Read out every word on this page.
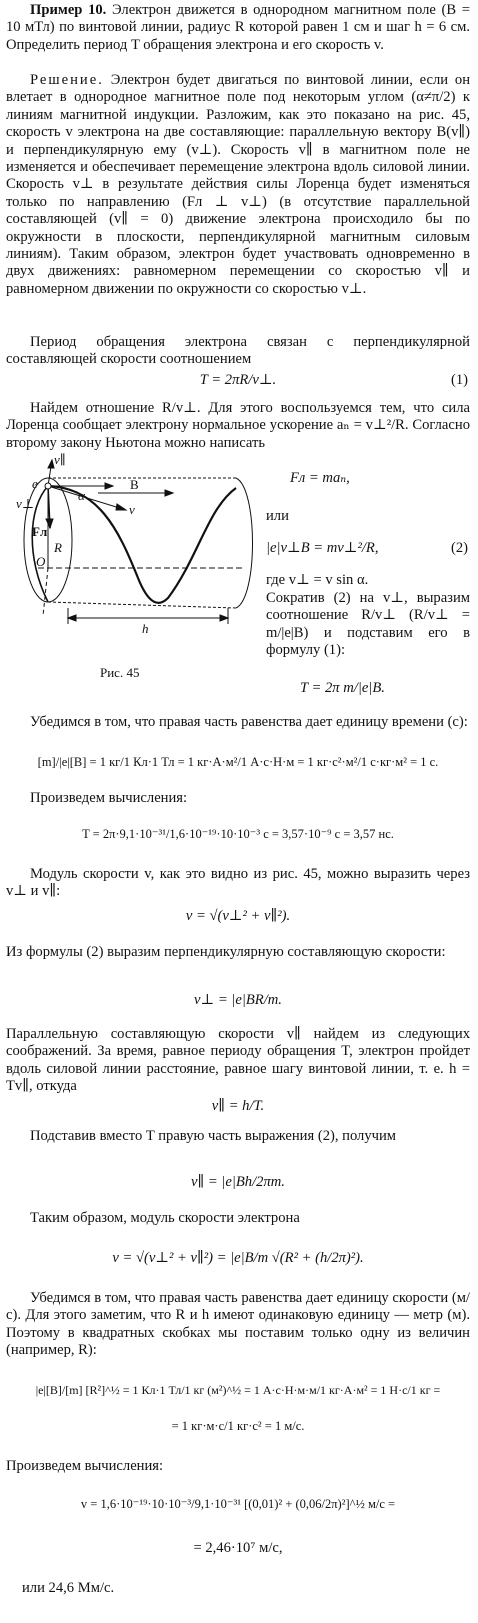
Пример 10. Электрон движется в однородном магнитном поле (B = 10 мТл) по винтовой линии, радиус R которой равен 1 см и шаг h = 6 см. Определить период T обращения электрона и его скорость v.
Решение. Электрон будет двигаться по винтовой линии, если он влетает в однородное магнитное поле под некоторым углом (α≠π/2) к линиям магнитной индукции. Разложим, как это показано на рис. 45, скорость v электрона на две составляющие: параллельную вектору B(v∥) и перпендикулярную ему (v⊥). Скорость v∥ в магнитном поле не изменяется и обеспечивает перемещение электрона вдоль силовой линии. Скорость v⊥ в результате действия силы Лоренца будет изменяться только по направлению (Fл ⊥ v⊥) (в отсутствие параллельной составляющей (v∥ = 0) движение электрона происходило бы по окружности в плоскости, перпендикулярной магнитным силовым линиям). Таким образом, электрон будет участвовать одновременно в двух движениях: равномерном перемещении со скоростью v∥ и равномерном движении по окружности со скоростью v⊥.
Период обращения электрона связан с перпендикулярной составляющей скорости соотношением
T = 2πR/v⊥.	(1)
Найдем отношение R/v⊥. Для этого воспользуемся тем, что сила Лоренца сообщает электрону нормальное ускорение aₙ = v⊥²/R. Согласно второму закону Ньютона можно написать
B
v∥
v⊥	v
α
e
Fл
O
R
h
Рис. 45
Fл = maₙ,
или
|e|v⊥B = mv⊥²/R,	(2)
где v⊥ = v sin α.
Сократив (2) на v⊥, выразим соотношение R/v⊥ (R/v⊥ = m/|e|B) и подставим его в формулу (1):
T = 2π m/|e|B.
Убедимся в том, что правая часть равенства дает единицу времени (с):
[m]/|e|[B] = 1 кг/1 Кл·1 Тл = 1 кг·А·м²/1 А·с·Н·м = 1 кг·с²·м²/1 с·кг·м² = 1 с.
Произведем вычисления:
T = 2π·9,1·10⁻³¹/1,6·10⁻¹⁹·10·10⁻³ с = 3,57·10⁻⁹ с = 3,57 нс.
Модуль скорости v, как это видно из рис. 45, можно выразить через v⊥ и v∥:
v = √(v⊥² + v∥²).
Из формулы (2) выразим перпендикулярную составляющую скорости:
v⊥ = |e|BR/m.
Параллельную составляющую скорости v∥ найдем из следующих соображений. За время, равное периоду обращения T, электрон пройдет вдоль силовой линии расстояние, равное шагу винтовой линии, т. е. h = Tv∥, откуда
v∥ = h/T.
Подставив вместо T правую часть выражения (2), получим
v∥ = |e|Bh/2πm.
Таким образом, модуль скорости электрона
v = √(v⊥² + v∥²) = |e|B/m √(R² + (h/2π)²).
Убедимся в том, что правая часть равенства дает единицу скорости (м/с). Для этого заметим, что R и h имеют одинаковую единицу — метр (м). Поэтому в квадратных скобках мы поставим только одну из величин (например, R):
|e|[B]/[m] [R²]^½ = 1 Кл·1 Тл/1 кг (м²)^½ = 1 А·с·Н·м·м/1 кг·А·м² = 1 Н·с/1 кг =
= 1 кг·м·с/1 кг·с² = 1 м/с.
Произведем вычисления:
v = 1,6·10⁻¹⁹·10·10⁻³/9,1·10⁻³¹ [(0,01)² + (0,06/2π)²]^½ м/с =
= 2,46·10⁷ м/с,
или 24,6 Мм/с.
